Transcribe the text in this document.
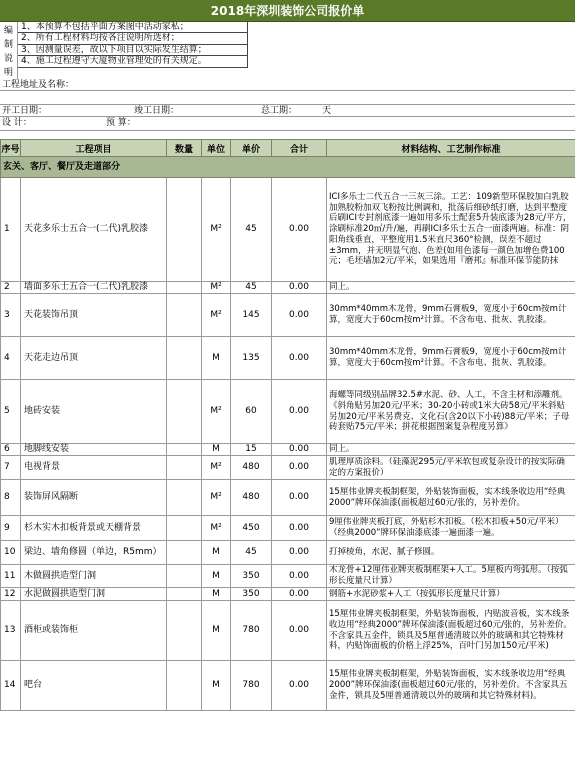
2018年深圳装饰公司报价单
编
制
说
明
1、本预算不包括平面方案图中活动家私；
2、所有工程材料均按各注说明所选材；
3、因测量误差，故以下项目以实际发生结算；
4、施工过程遵守大厦物业管理处的有关规定。
工程地址及名称：
开工日期：	竣工日期：	总工期：	天
设 计：	预 算：
序号	工程项目	数量	单位	单价	合计	材料结构、工艺制作标准
玄关、客厅、餐厅及走道部分						
1	天花多乐士五合一(二代)乳胶漆		M²	45	0.00	ICI多乐士二代五合一三灰三涂。工艺：109新型环保胶加白乳胶加熟胶粉加双飞粉按比例调和，批荡后细砂纸打磨，达到平整度后刷ICI专封剂底漆一遍如用多乐士配套5升装底漆为28元/平方，涂刷标准20㎡/升/遍，再刷ICI多乐士五合一面漆两遍。标准：阴阳角线垂直，平整度用1.5米直尺360°检测，误差不超过±3mm，并无明显气泡、色差(如用色漆每一颜色加增色费100元；毛坯墙加2元/平米，如果选用『磨邦』标准环保节能防抹

2	墙面多乐士五合一(二代)乳胶漆		M²	45	0.00	同上。

3	天花装饰吊顶		M²	145	0.00	30mm*40mm木龙骨，9mm石膏板9，宽度小于60cm按m计算，宽度大于60cm按m²计算。不含布电、批灰、乳胶漆。

4	天花走边吊顶		M	135	0.00	30mm*40mm木龙骨，9mm石膏板9，宽度小于60cm按m计算，宽度大于60cm按m²计算。不含布电、批灰、乳胶漆。

5	地砖安装		M²	60	0.00	海螺等同级别品牌32.5#水泥、砂、人工，不含主材和添雕剂。《斜角贴另加20元/平米；30-20小砖或1米大砖58元/平米斜贴另加20元/平米另费克、文化石(含20以下小砖)88元/平米；子母砖套贴75元/平米；拼花根据图案复杂程度另算》

6	地脚线安装		M	15	0.00	同上。

7	电视背景		M²	480	0.00	肌理厚质涂料。（硅藻泥295元/平米软包或复杂设计的按实际确定的方案报价）

8	装饰屏风隔断		M²	480	0.00	15厘伟业牌夹板制框架，外贴装饰面板，实木线条收边用“经典2000”牌环保油漆(面板超过60元/张的，另补差价。

9	杉木实木扣板背景或天棚背景		M²	450	0.00	9厘伟业牌夹板打底，外贴杉木扣板。（松木扣板+50元/平米）（经典2000”牌环保油漆底漆一遍面漆一遍。

10	梁边、墙角修圆（单边，R5mm）		M	45	0.00	打掉棱角，水泥、腻子修圆。

11	木做圆拱造型门洞		M	350	0.00	木龙骨+12厘伟业牌夹板制框架+人工。5厘板内弯弧形。（按弧形长度量尺计算）

12	水泥做圆拱造型门洞		M	350	0.00	钢筋+水泥砂浆+人工（按弧形长度量尺计算）

13	酒柜或装饰柜		M	780	0.00	15厘伟业牌夹板制框架，外贴装饰面板，内贴波音板，实木线条收边用“经典2000”牌环保油漆(面板超过60元/张的，另补差价。不含家具五金件，锁具及5厘普通清玻以外的玻璃和其它特殊材料，内贴饰面板的价格上浮25%，百叶门另加150元/平米)

14	吧台		M	780	0.00	15厘伟业牌夹板制框架，外贴装饰面板，实木线条收边用“经典2000”牌环保油漆(面板超过60元/张的，另补差价。不含家具五金件，锁具及5厘普通清玻以外的玻璃和其它特殊材料)。
